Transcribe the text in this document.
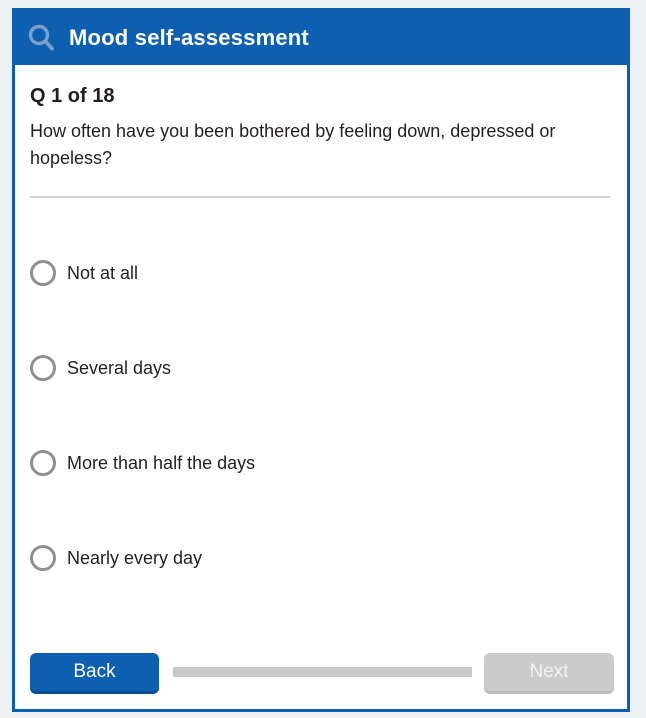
Mood self-assessment
Q 1 of 18
How often have you been bothered by feeling down, depressed or hopeless?
Not at all
Several days
More than half the days
Nearly every day
Back	Next
